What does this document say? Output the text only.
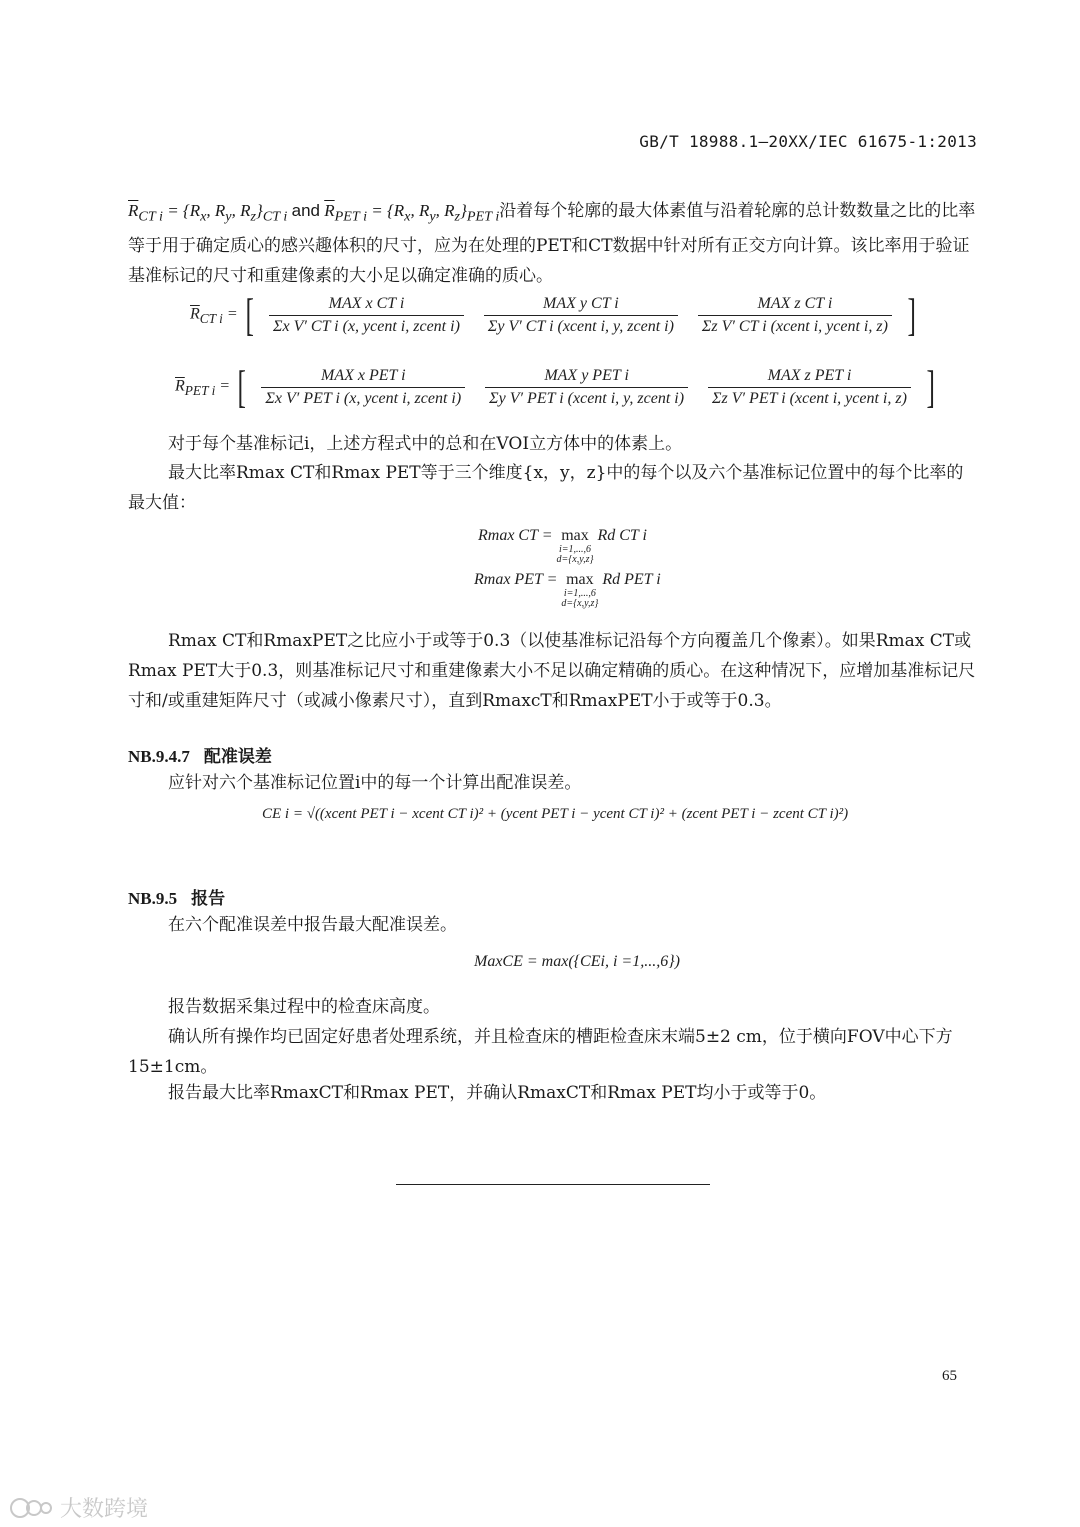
GB/T 18988.1—20XX/IEC 61675-1:2013
$\overline{R}_{CT i} = \{R_x$, $R_y$, $R_z\}_{CT i}$ and $\overline{R}_{PET i} = \{R_x$, $R_y$, $R_z\}_{PET i}$沿着每个轮廓的最大体素值与沿着轮廓的总计数数量之比的比率等于用于确定质心的感兴趣体积的尺寸，应为在处理的PET和CT数据中针对所有正交方向计算。该比率用于验证基准标记的尺寸和重建像素的大小足以确定准确的质心。
$\overline{R}_{CT i}$ = [ $\frac{\text{MAX x CT i}}{\text{Σx V′ CT i (x, ycent i, zcent i)}}$
$\frac{\text{MAX y CT i}}{\text{Σy V′ CT i (xcent i, y, zcent i)}}$
$\frac{\text{MAX z CT i}}{\text{Σz V′ CT i (xcent i, ycent i, z)}}$ ]
$\overline{R}_{PET i}$ = [ $\frac{\text{MAX x PET i}}{\text{Σx V′ PET i (x, ycent i, zcent i)}}$
$\frac{\text{MAX y PET i}}{\text{Σy V′ PET i (xcent i, y, zcent i)}}$
$\frac{\text{MAX z PET i}}{\text{Σz V′ PET i (xcent i, ycent i, z)}}$ ]
对于每个基准标记i，上述方程式中的总和在VOI立方体中的体素上。
最大比率Rmax CT和Rmax PET等于三个维度{x，y，z}中的每个以及六个基准标记位置中的每个比率的最大值：
Rmax CT = max
i=1,...,6
d={x,y,z}
Rd CT i
Rmax PET = max
i=1,...,6
d={x,y,z}
Rd PET i
Rmax CT和RmaxPET之比应小于或等于0.3（以使基准标记沿每个方向覆盖几个像素）。如果Rmax CT或Rmax PET大于0.3，则基准标记尺寸和重建像素大小不足以确定精确的质心。在这种情况下，应增加基准标记尺寸和/或重建矩阵尺寸（或减小像素尺寸），直到RmaxcT和RmaxPET小于或等于0.3。
NB.9.4.7 配准误差
应针对六个基准标记位置i中的每一个计算出配准误差。
CE i = √((xcent PET i − xcent CT i)² + (ycent PET i − ycent CT i)² + (zcent PET i − zcent CT i)²)
NB.9.5 报告
在六个配准误差中报告最大配准误差。
MaxCE = max({CEi, i =1,...,6})
报告数据采集过程中的检查床高度。
确认所有操作均已固定好患者处理系统，并且检查床的槽距检查床末端5±2 cm，位于横向FOV中心下方15±1cm。
报告最大比率RmaxCT和Rmax PET，并确认RmaxCT和Rmax PET均小于或等于0。
65
大数跨境
